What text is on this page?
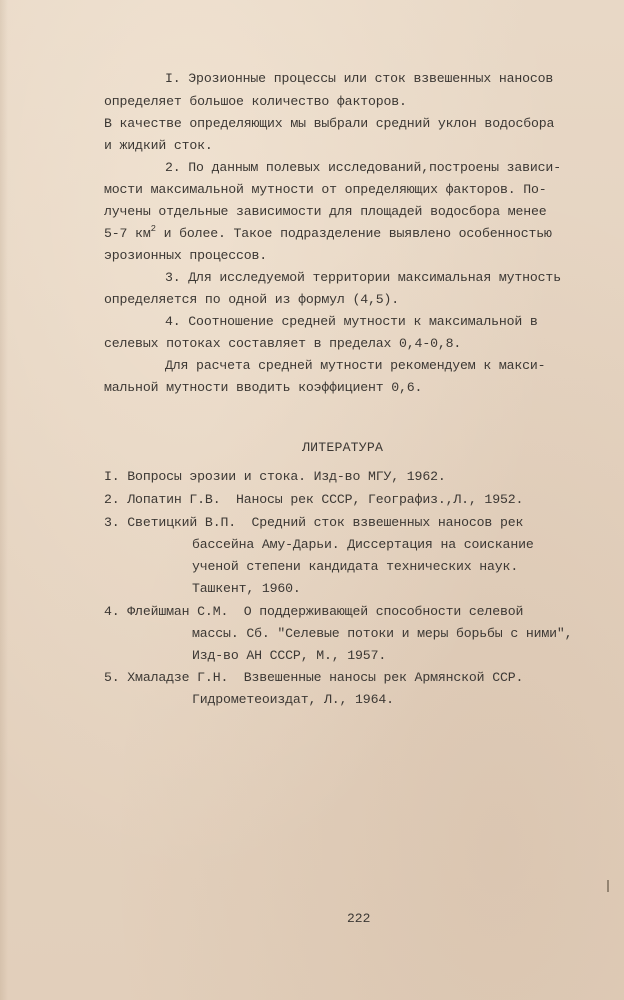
I. Эрозионные процессы или сток взвешенных наносов
определяет большое количество факторов.
В качестве определяющих мы выбрали средний уклон водосбора
и жидкий сток.
2. По данным полевых исследований,построены зависи-
мости максимальной мутности от определяющих факторов. По-
лучены отдельные зависимости для площадей водосбора менее
5-7 $км^2$ и более. Такое подразделение выявлено особенностью
эрозионных процессов.
3. Для исследуемой территории максимальная мутность
определяется по одной из формул (4,5).
4. Соотношение средней мутности к максимальной в
селевых потоках составляет в пределах 0,4-0,8.
Для расчета средней мутности рекомендуем к макси-
мальной мутности вводить коэффициент 0,6.
ЛИТЕРАТУРА
I. Вопросы эрозии и стока. Изд-во МГУ, 1962.
2. Лопатин Г.В.  Наносы рек СССР, Географиз.,Л., 1952.
3. Светицкий В.П.  Средний сток взвешенных наносов рек
бассейна Аму-Дарьи. Диссертация на соискание
ученой степени кандидата технических наук.
Ташкент, 1960.
4. Флейшман С.М.  О поддерживающей способности селевой
массы. Сб. "Селевые потоки и меры борьбы с ними",
Изд-во АН СССР, М., 1957.
5. Хмаладзе Г.Н.  Взвешенные наносы рек Армянской ССР.
Гидрометеоиздат, Л., 1964.
222
